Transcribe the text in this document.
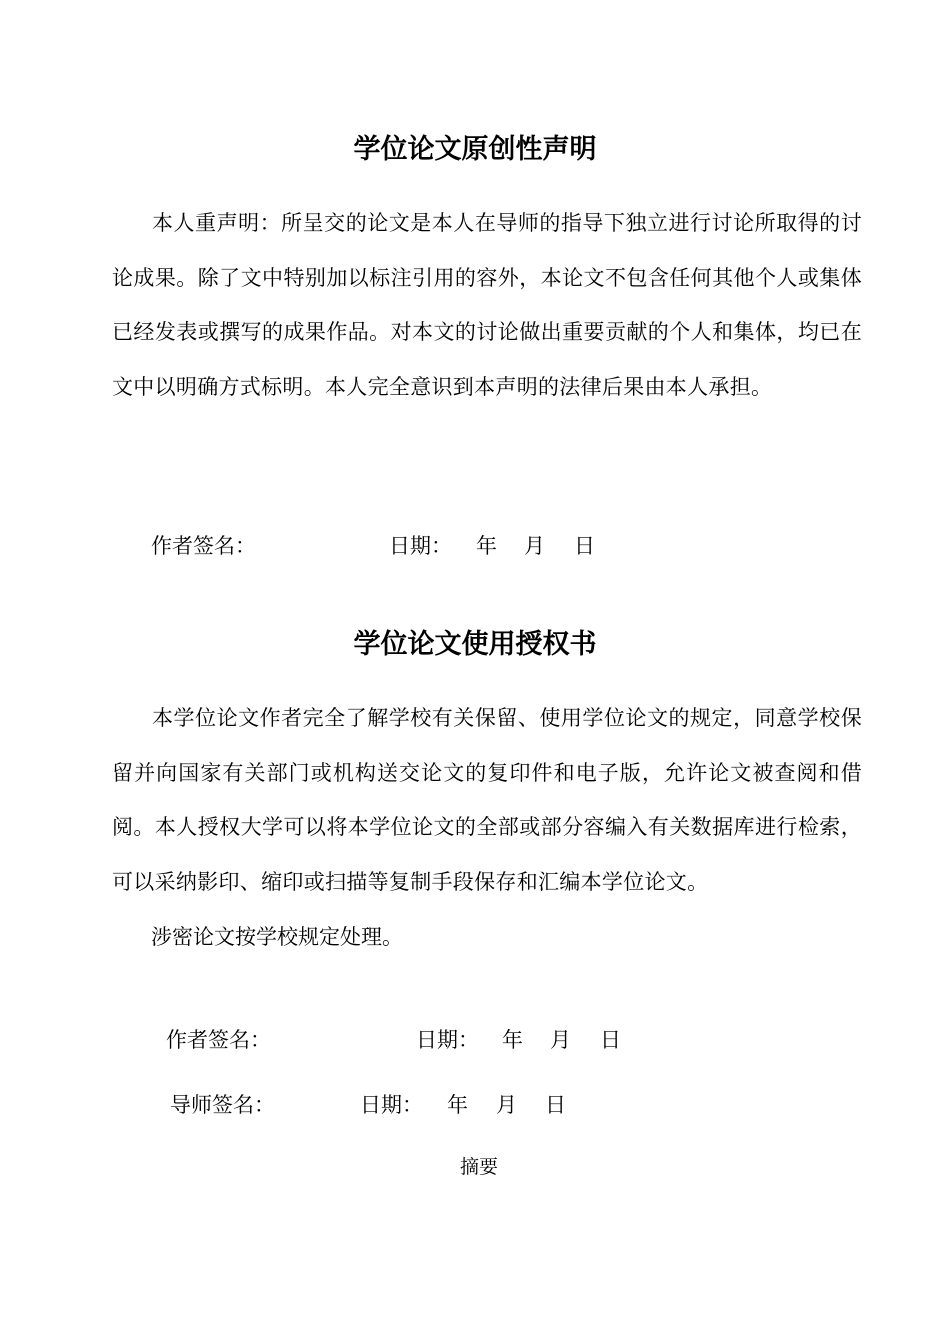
学位论文原创性声明

本人重声明：所呈交的论文是本人在导师的指导下独立进行讨论所取得的讨论成果。除了文中特别加以标注引用的容外，本论文不包含任何其他个人或集体已经发表或撰写的成果作品。对本文的讨论做出重要贡献的个人和集体，均已在文中以明确方式标明。本人完全意识到本声明的法律后果由本人承担。

作者签名：	日期： 年 月 日
学位论文使用授权书

本学位论文作者完全了解学校有关保留、使用学位论文的规定，同意学校保留并向国家有关部门或机构送交论文的复印件和电子版，允许论文被查阅和借阅。本人授权大学可以将本学位论文的全部或部分容编入有关数据库进行检索，可以采纳影印、缩印或扫描等复制手段保存和汇编本学位论文。

涉密论文按学校规定处理。
作者签名：	日期： 年 月 日
导师签名：	日期： 年 月 日
摘要
